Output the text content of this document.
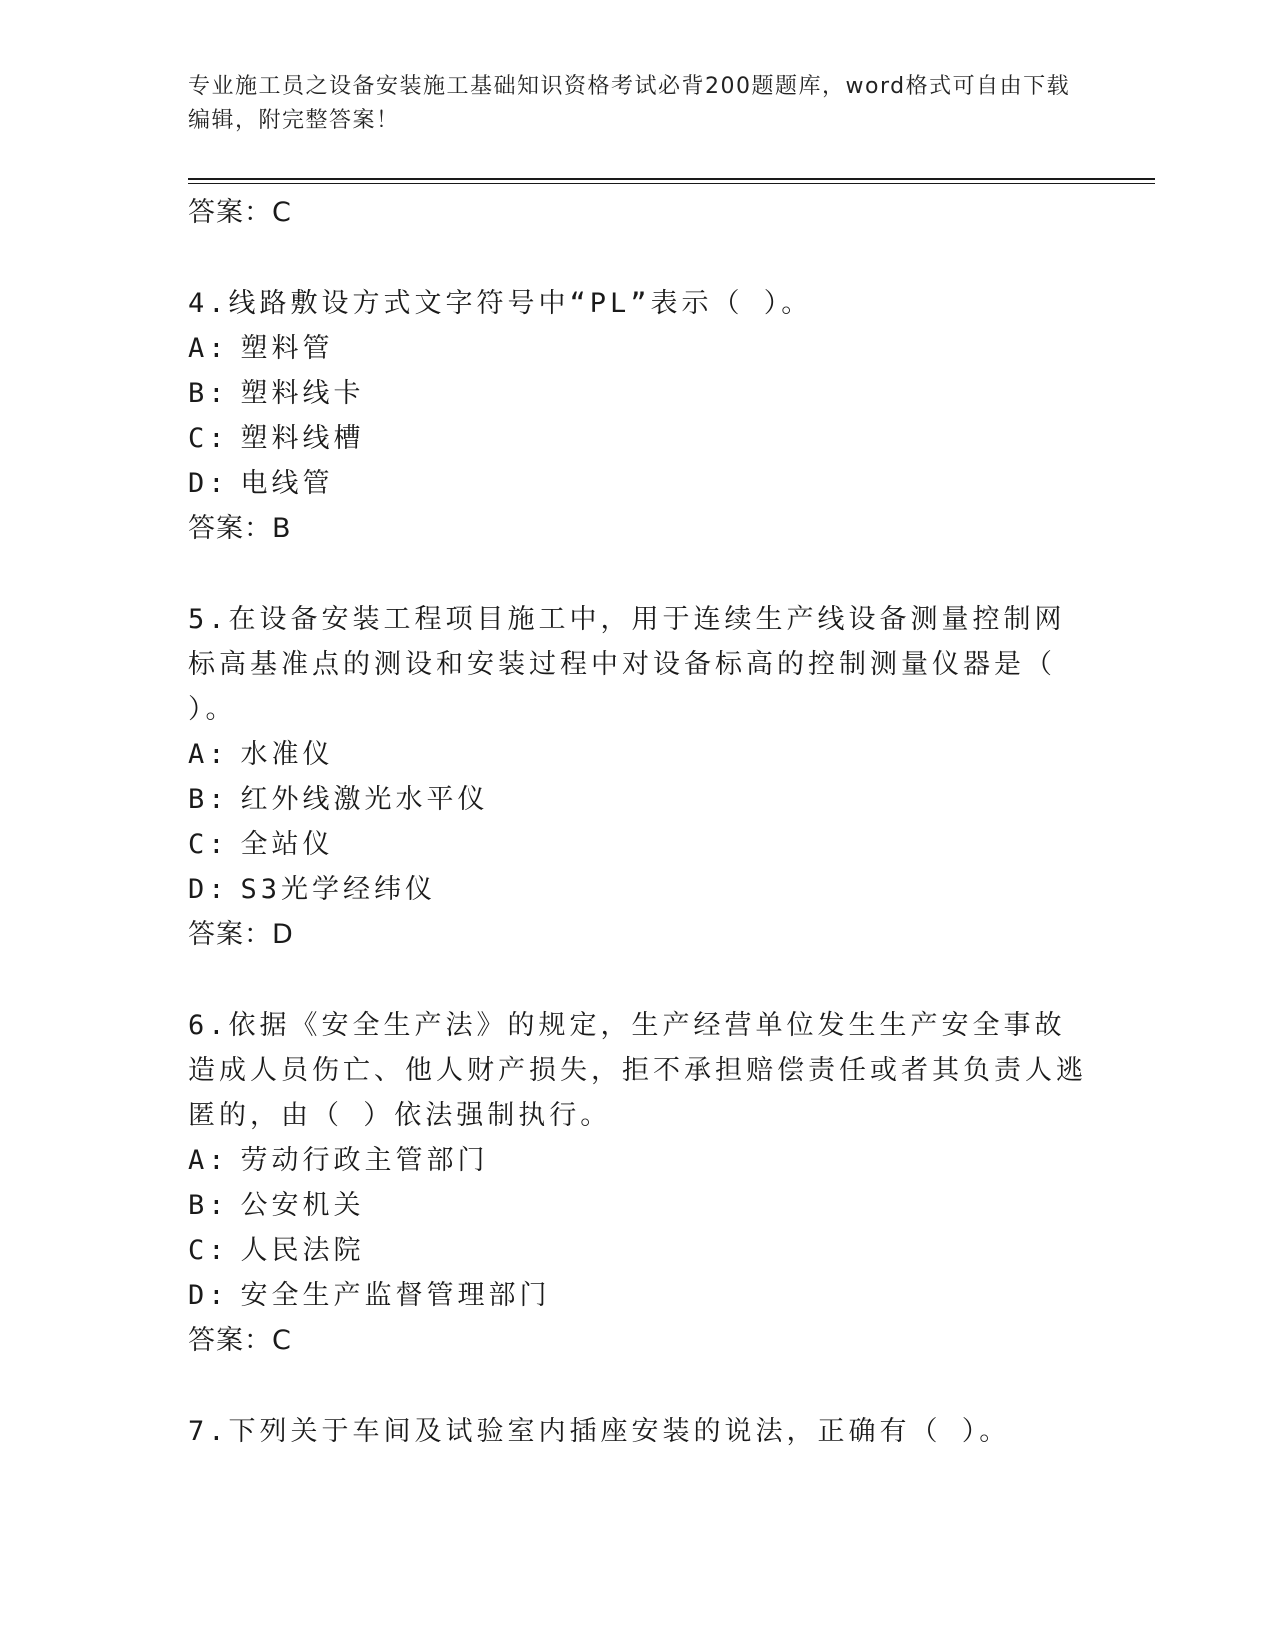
专业施工员之设备安装施工基础知识资格考试必背200题题库，word格式可自由下载编辑，附完整答案！
答案：C
4.线路敷设方式文字符号中“PL”表示（ ）。
A: 塑料管
B: 塑料线卡
C: 塑料线槽
D: 电线管
答案：B
5.在设备安装工程项目施工中，用于连续生产线设备测量控制网标高基准点的测设和安装过程中对设备标高的控制测量仪器是（ ）。
A: 水准仪
B: 红外线激光水平仪
C: 全站仪
D: S3光学经纬仪
答案：D
6.依据《安全生产法》的规定，生产经营单位发生生产安全事故造成人员伤亡、他人财产损失，拒不承担赔偿责任或者其负责人逃匿的，由（ ）依法强制执行。
A: 劳动行政主管部门
B: 公安机关
C: 人民法院
D: 安全生产监督管理部门
答案：C
7.下列关于车间及试验室内插座安装的说法，正确有（ ）。
